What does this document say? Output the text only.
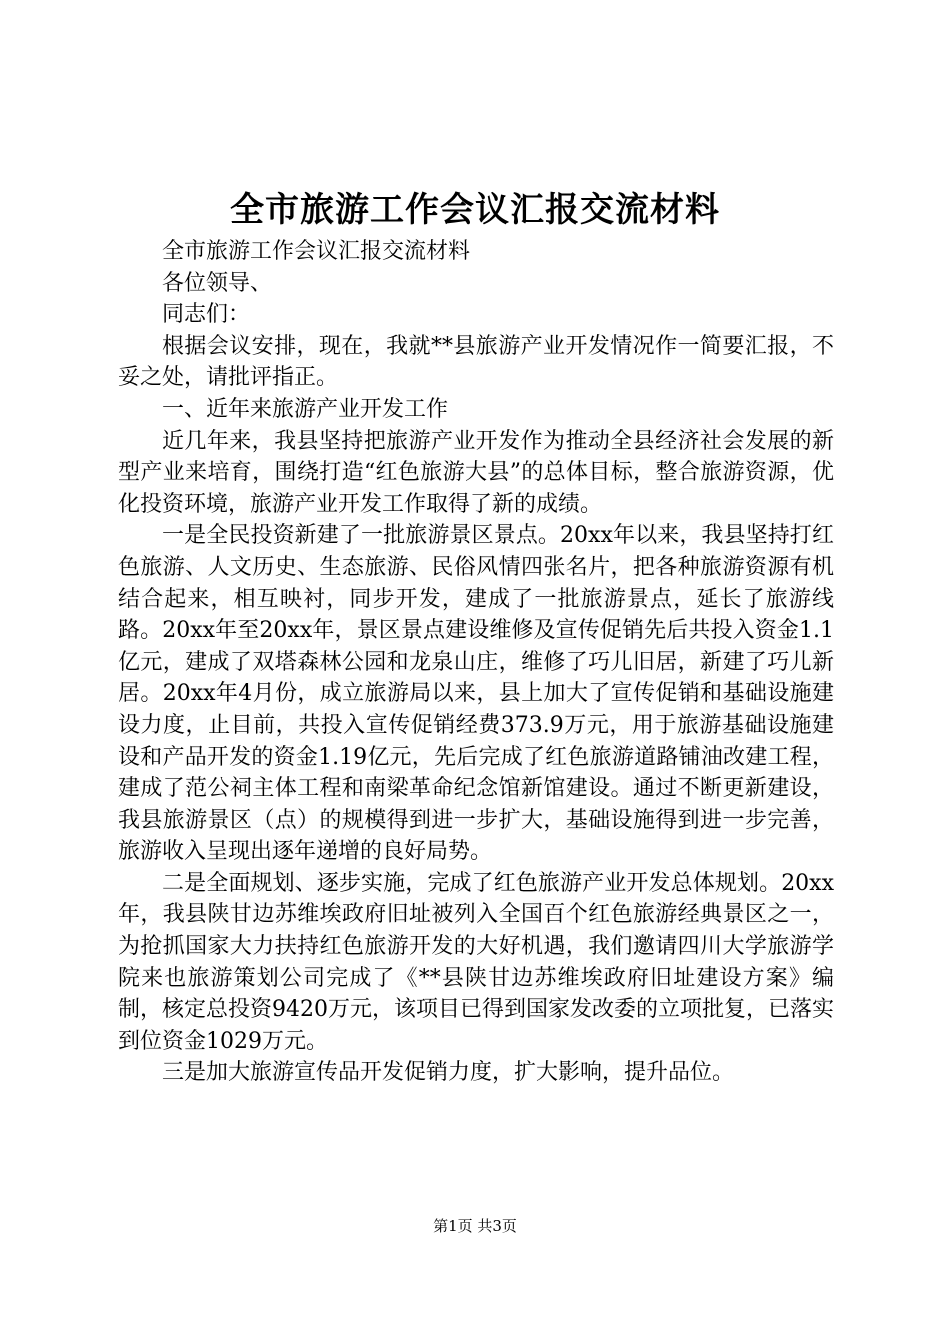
全市旅游工作会议汇报交流材料

全市旅游工作会议汇报交流材料

各位领导、

同志们：

根据会议安排，现在，我就**县旅游产业开发情况作一简要汇报，不妥之处，请批评指正。

一、近年来旅游产业开发工作

近几年来，我县坚持把旅游产业开发作为推动全县经济社会发展的新型产业来培育，围绕打造“红色旅游大县”的总体目标，整合旅游资源，优化投资环境，旅游产业开发工作取得了新的成绩。

一是全民投资新建了一批旅游景区景点。20xx年以来，我县坚持打红色旅游、人文历史、生态旅游、民俗风情四张名片，把各种旅游资源有机结合起来，相互映衬，同步开发，建成了一批旅游景点，延长了旅游线路。20xx年至20xx年，景区景点建设维修及宣传促销先后共投入资金1.1亿元，建成了双塔森林公园和龙泉山庄，维修了巧儿旧居，新建了巧儿新居。20xx年4月份，成立旅游局以来，县上加大了宣传促销和基础设施建设力度，止目前，共投入宣传促销经费373.9万元，用于旅游基础设施建设和产品开发的资金1.19亿元，先后完成了红色旅游道路铺油改建工程，建成了范公祠主体工程和南梁革命纪念馆新馆建设。通过不断更新建设，我县旅游景区（点）的规模得到进一步扩大，基础设施得到进一步完善，旅游收入呈现出逐年递增的良好局势。

二是全面规划、逐步实施，完成了红色旅游产业开发总体规划。20xx年，我县陕甘边苏维埃政府旧址被列入全国百个红色旅游经典景区之一，为抢抓国家大力扶持红色旅游开发的大好机遇，我们邀请四川大学旅游学院来也旅游策划公司完成了《**县陕甘边苏维埃政府旧址建设方案》编制，核定总投资9420万元，该项目已得到国家发改委的立项批复，已落实到位资金1029万元。

三是加大旅游宣传品开发促销力度，扩大影响，提升品位。

第1页 共3页
